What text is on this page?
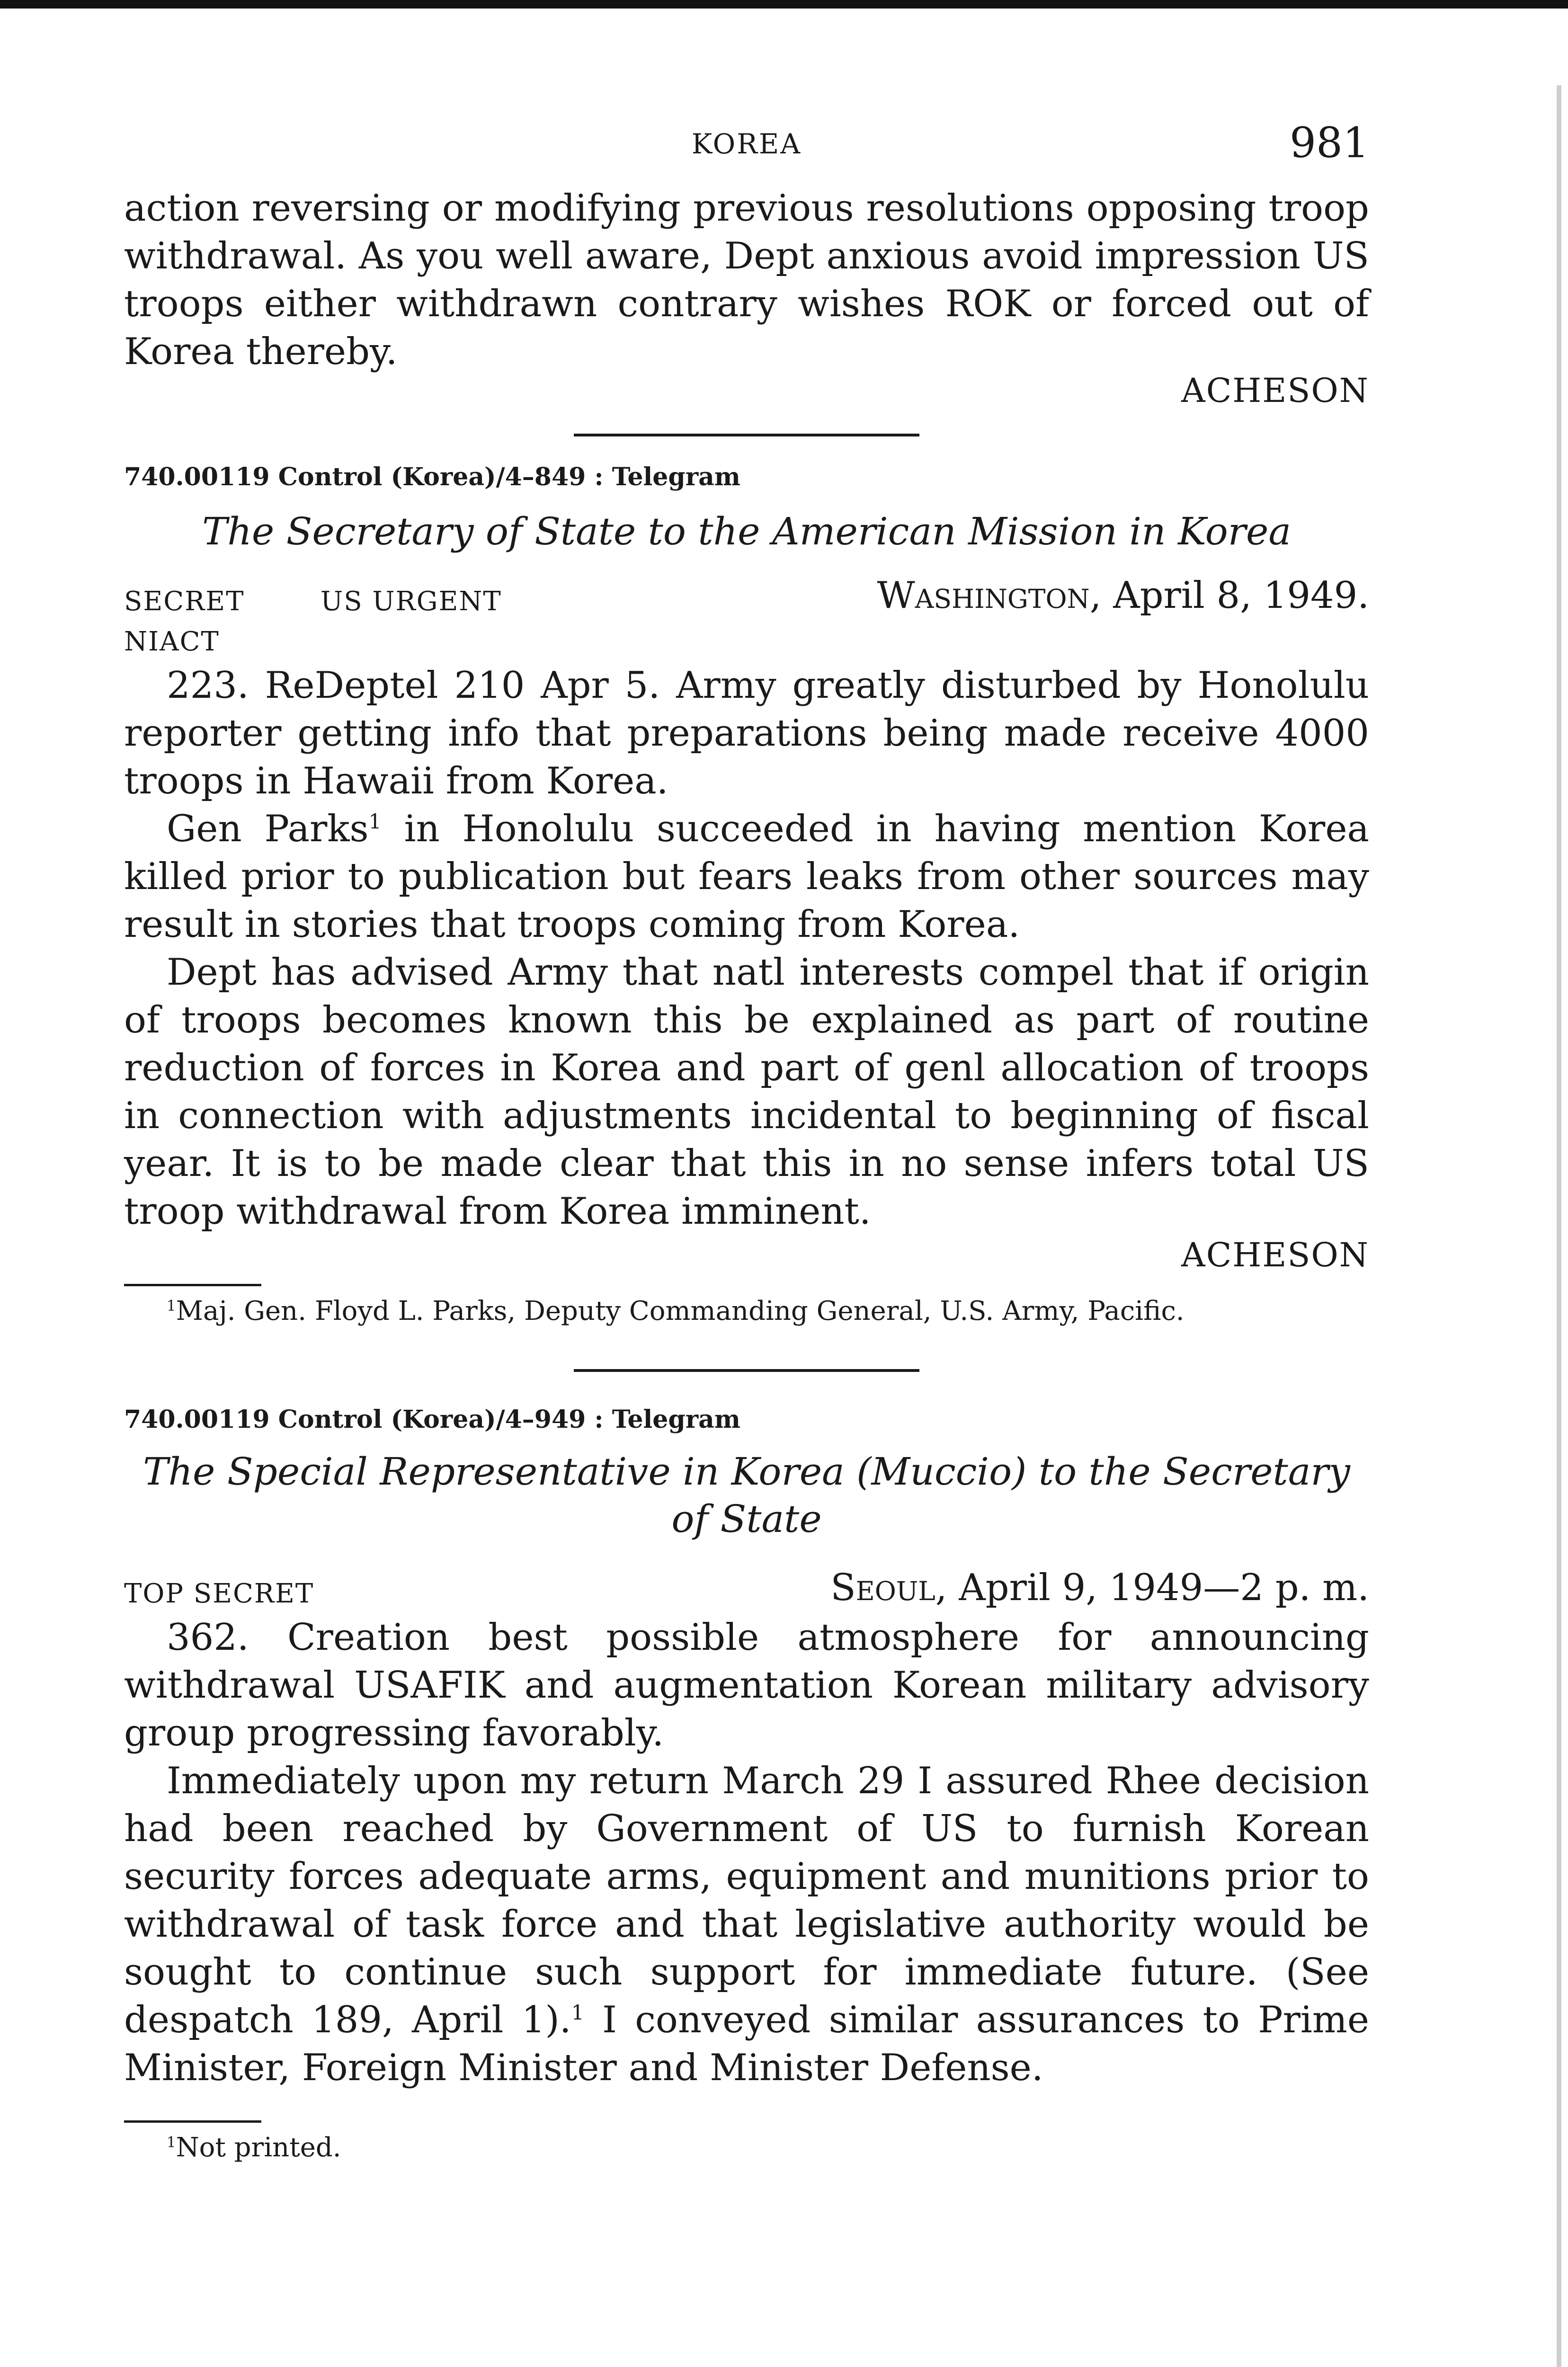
KOREA	981

action reversing or modifying previous resolutions opposing troop withdrawal. As you well aware, Dept anxious avoid impression US troops either withdrawn contrary wishes ROK or forced out of Korea thereby.

ACHESON

740.00119 Control (Korea)/4–849 : Telegram

The Secretary of State to the American Mission in Korea

SECRET	US URGENT	Washington, April 8, 1949.

NIACT

223. ReDeptel 210 Apr 5. Army greatly disturbed by Honolulu reporter getting info that preparations being made receive 4000 troops in Hawaii from Korea.

Gen Parks$^1$ in Honolulu succeeded in having mention Korea killed prior to publication but fears leaks from other sources may result in stories that troops coming from Korea.

Dept has advised Army that natl interests compel that if origin of troops becomes known this be explained as part of routine reduction of forces in Korea and part of genl allocation of troops in connection with adjustments incidental to beginning of fiscal year. It is to be made clear that this in no sense infers total US troop withdrawal from Korea imminent.

ACHESON

$^1$Maj. Gen. Floyd L. Parks, Deputy Commanding General, U.S. Army, Pacific.

740.00119 Control (Korea)/4–949 : Telegram

The Special Representative in Korea (Muccio) to the Secretary
of State

TOP SECRET	Seoul, April 9, 1949—2 p. m.

362. Creation best possible atmosphere for announcing withdrawal USAFIK and augmentation Korean military advisory group progressing favorably.

Immediately upon my return March 29 I assured Rhee decision had been reached by Government of US to furnish Korean security forces adequate arms, equipment and munitions prior to withdrawal of task force and that legislative authority would be sought to continue such support for immediate future. (See despatch 189, April 1).$^1$ I conveyed similar assurances to Prime Minister, Foreign Minister and Minister Defense.

$^1$Not printed.
